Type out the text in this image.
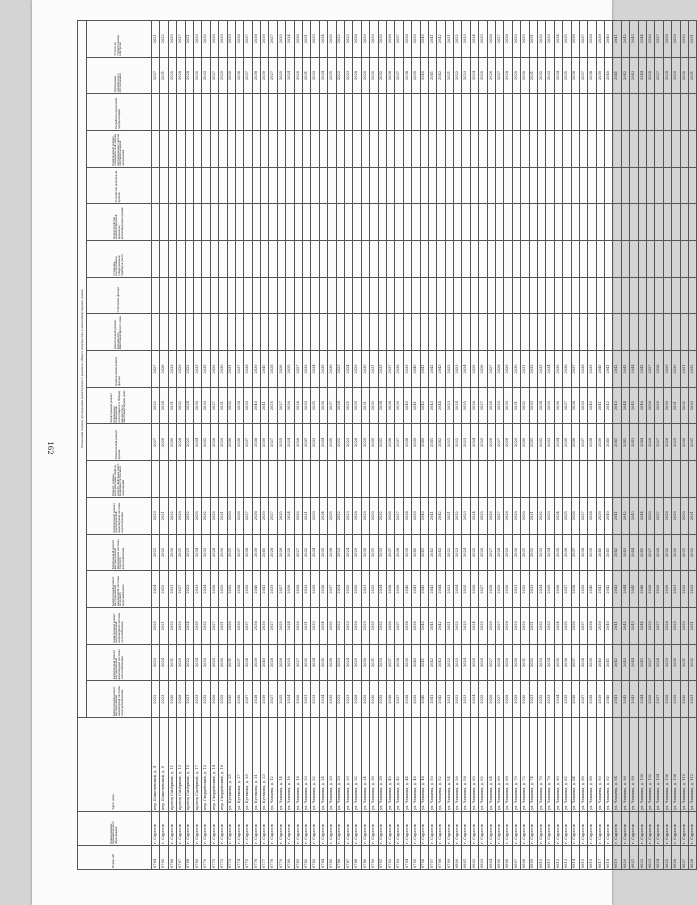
162
Номер п/п	Наименование муниципального образования	Адрес дома	Плановый период проведения капитального ремонта общего имущества в многоквартирных домах																		
			Капитальный ремонт внутридомовой инженерной системы электроснабжения	Капитальный ремонт внутридомовой инженерной системы теплоснабжения	Капитальный ремонт внутридомовой инженерной системы газоснабжения	Капитальный ремонт внутридомовой инженерной системы холодного водоснабжения	Капитальный ремонт внутридомовой инженерной системы горячего водоснабжения	Капитальный ремонт внутридомовой инженерной системы водоотведения	Ремонт, замена, модернизация лифтов, ремонт лифтовых шахт, машинных и блочных помещений	Капитальный ремонт крыши	Капитальный ремонт подвальных помещений, относящихся к общему имуществу в многоквартирном доме	Капитальный ремонт фасада	Капитальный ремонт фундамента многоквартирного дома	Утепление фасада	Установка коллективных (общедомовых) приборов учета	Переустройство невентилируемой крыши на вентилируемую крышу	Устройство выходов на кровлю	Капитальный ремонт, оснащение или замена внутридомовых систем противопожарной автоматики	Разработка проектной документации	Проведение технического обследования	Услуги по строительному контролю
6764	г. Саратов	пер. Кошелевский, д. 4	2022	2023	2025	2024	2021	2023		2027	2022	2027								2027	2021
6765	г. Саратов	пер. Кошелевский, д. 6	2023	2024	2021	2022	2025	2021		2026	2024	2026								2031	2022
6766	г. Саратов	проезд Сапёрный, д. 11	2030	2031	2032	2031	2030	2032		2030	2031	2033								2025	2030
6767	г. Саратов	проезд Сапёрный, д. 13	2028	2029	2030	2027	2031	2029		2028	2032	2029								2028	2027
6768	г. Саратов	проезд Сапёрный, д. 15	2021	2022	2024	2023	2021	2022		2021	2024	2022								2028	2021
6769	г. Саратов	проезд Сапёрный, д. 17	2033	2034	2035	2033	2034	2035		2034	2036	2033								2030	2033
6770	г. Саратов	пер. Гвардейский, д. 12	2032	2033	2032	2034	2033	2032		2032	2033	2035								2033	2032
6771	г. Саратов	пер. Гвардейский, д. 14	2026	2025	2027	2026	2028	2026		2026	2027	2025								2027	2026
6772	г. Саратов	пер. Гвардейский, д. 16	2029	2030	2031	2029	2030	2031		2029	2031	2030								2029	2029
6773	г. Саратов	ул. Кутякова, д. 25	2030	2031	2030	2032	2031	2030		2030	2032	2031								2030	2030
6774	г. Саратов	ул. Кутякова, д. 27	2036	2037	2036	2038	2037	2036		2036	2038	2037								2036	2036
6775	г. Саратов	ул. Кутякова, д. 29	2037	2038	2037	2039	2038	2037		2037	2039	2038								2037	2037
6776	г. Саратов	ул. Кутякова, д. 31	2038	2039	2038	2040	2039	2038		2038	2040	2039								2038	2038
6777	г. Саратов	ул. Кутякова, д. 33	2039	2040	2039	2041	2040	2039		2039	2041	2040								2039	2039
6778	г. Саратов	ул. Чапаева, д. 12	2027	2028	2027	2029	2028	2027		2027	2029	2028								2027	2027
6779	г. Саратов	ул. Чапаева, д. 14	2025	2026	2025	2027	2026	2025		2025	2027	2026								2025	2025
6780	г. Саратов	ул. Чапаева, д. 16	2024	2025	2024	2026	2025	2024		2024	2026	2025								2024	2024
6781	г. Саратов	ул. Чапаева, д. 18	2026	2027	2026	2028	2027	2026		2026	2028	2027								2026	2026
6782	г. Саратов	ул. Чапаева, д. 20	2031	2032	2031	2033	2032	2031		2031	2033	2032								2031	2031
6783	г. Саратов	ул. Чапаева, д. 22	2033	2034	2033	2035	2034	2033		2033	2035	2034								2033	2033
6784	г. Саратов	ул. Чапаева, д. 24	2034	2035	2034	2036	2035	2034		2034	2036	2035								2034	2034
6785	г. Саратов	ул. Чапаева, д. 26	2035	2036	2035	2037	2036	2035		2035	2037	2036								2035	2035
6786	г. Саратов	ул. Чапаева, д. 28	2022	2023	2022	2024	2023	2022		2022	2024	2023								2022	2022
6787	г. Саратов	ул. Чапаева, д. 30	2023	2024	2023	2025	2024	2023		2023	2025	2024								2023	2023
6788	г. Саратов	ул. Чапаева, д. 32	2028	2029	2028	2030	2029	2028		2028	2030	2029								2028	2028
6789	г. Саратов	ул. Чапаева, д. 34	2029	2030	2029	2031	2030	2029		2029	2031	2030								2029	2029
6790	г. Саратов	ул. Чапаева, д. 36	2030	2031	2030	2032	2031	2030		2030	2032	2031								2030	2030
6791	г. Саратов	ул. Чапаева, д. 38	2032	2033	2032	2034	2033	2032		2032	2034	2033								2032	2032
6792	г. Саратов	ул. Чапаева, д. 40	2036	2037	2036	2038	2037	2036		2036	2038	2037								2036	2036
6793	г. Саратов	ул. Чапаева, д. 42	2037	2038	2037	2039	2038	2037		2037	2039	2038								2037	2037
6794	г. Саратов	ул. Чапаева, д. 44	2038	2039	2038	2040	2039	2038		2038	2040	2039								2038	2038
6795	г. Саратов	ул. Чапаева, д. 46	2039	2040	2039	2041	2040	2039		2039	2041	2040								2039	2039
6796	г. Саратов	ул. Чапаева, д. 48	2040	2041	2040	2042	2041	2040		2040	2042	2041								2040	2040
6797	г. Саратов	ул. Чапаева, д. 50	2041	2042	2041	2043	2042	2041		2041	2043	2042								2041	2041
6798	г. Саратов	ул. Чапаева, д. 52	2042	2043	2042	2044	2043	2042		2042	2044	2043								2042	2042
6799	г. Саратов	ул. Чапаева, д. 54	2021	2022	2021	2023	2022	2021		2021	2023	2022								2021	2021
6800	г. Саратов	ул. Чапаева, д. 56	2022	2023	2022	2024	2023	2022		2022	2024	2023								2022	2022
6801	г. Саратов	ул. Чапаева, д. 58	2023	2024	2023	2025	2024	2023		2023	2025	2024								2023	2023
6802	г. Саратов	ул. Чапаева, д. 60	2024	2025	2024	2026	2025	2024		2024	2026	2025								2024	2024
6803	г. Саратов	ул. Чапаева, д. 62	2025	2026	2025	2027	2026	2025		2025	2027	2026								2025	2025
6804	г. Саратов	ул. Чапаева, д. 64	2026	2027	2026	2028	2027	2026		2026	2028	2027								2026	2026
6805	г. Саратов	ул. Чапаева, д. 66	2027	2028	2027	2029	2028	2027		2027	2029	2028								2027	2027
6806	г. Саратов	ул. Чапаева, д. 68	2028	2029	2028	2030	2029	2028		2028	2030	2029								2028	2028
6807	г. Саратов	ул. Чапаева, д. 70	2029	2030	2029	2031	2030	2029		2029	2031	2030								2029	2029
6808	г. Саратов	ул. Чапаева, д. 72	2030	2031	2030	2032	2031	2030		2030	2032	2031								2030	2030
6809	г. Саратов	ул. Чапаева, д. 74	2031	2032	2031	2033	2032	2031		2031	2033	2032								2031	2031
6810	г. Саратов	ул. Чапаева, д. 76	2032	2033	2032	2034	2033	2032		2032	2034	2033								2032	2032
6811	г. Саратов	ул. Чапаева, д. 78	2033	2034	2033	2035	2034	2033		2033	2035	2034								2033	2033
6812	г. Саратов	ул. Чапаева, д. 80	2034	2035	2034	2036	2035	2034		2034	2036	2035								2034	2034
6813	г. Саратов	ул. Чапаева, д. 82	2035	2036	2035	2037	2036	2035		2035	2037	2036								2035	2035
6814	г. Саратов	ул. Чапаева, д. 84	2036	2037	2036	2038	2037	2036		2036	2038	2037								2036	2036
6815	г. Саратов	ул. Чапаева, д. 86	2037	2038	2037	2039	2038	2037		2037	2039	2038								2037	2037
6816	г. Саратов	ул. Чапаева, д. 88	2038	2039	2038	2040	2039	2038		2038	2040	2039								2038	2038
6817	г. Саратов	ул. Чапаева, д. 90	2039	2040	2039	2041	2040	2039		2039	2041	2040								2039	2039
6818	г. Саратов	ул. Чапаева, д. 92	2040	2041	2040	2042	2041	2040		2040	2042	2041								2040	2040
6819	г. Саратов	ул. Чапаева, д. 94	2041	2042	2041	2043	2042	2041		2041	2043	2042								2041	2041
6820	г. Саратов	ул. Чапаева, д. 96	2042	2043	2042	2044	2043	2042		2042	2044	2043								2042	2042
6821	г. Саратов	ул. Чапаева, д. 98	2043	2044	2043	2045	2044	2043		2043	2045	2044								2043	2043
6822	г. Саратов	ул. Чапаева, д. 100	2044	2045	2044	2046	2045	2044		2044	2046	2045								2044	2044
6823	г. Саратов	ул. Чапаева, д. 102	2026	2027	2026	2028	2027	2026		2026	2028	2027								2026	2026
6824	г. Саратов	ул. Чапаева, д. 104	2027	2028	2027	2029	2028	2027		2027	2029	2028								2027	2027
6825	г. Саратов	ул. Чапаева, д. 106	2028	2029	2028	2030	2029	2028		2028	2030	2029								2028	2028
6826	г. Саратов	ул. Чапаева, д. 108	2029	2030	2029	2031	2030	2029		2029	2031	2030								2029	2029
6827	г. Саратов	ул. Чапаева, д. 110	2030	2031	2030	2032	2031	2030		2030	2032	2031								2030	2030
6828	г. Саратов	ул. Чапаева, д. 112	2031	2032	2031	2033	2032	2031		2031	2033	2032								2031	2031
